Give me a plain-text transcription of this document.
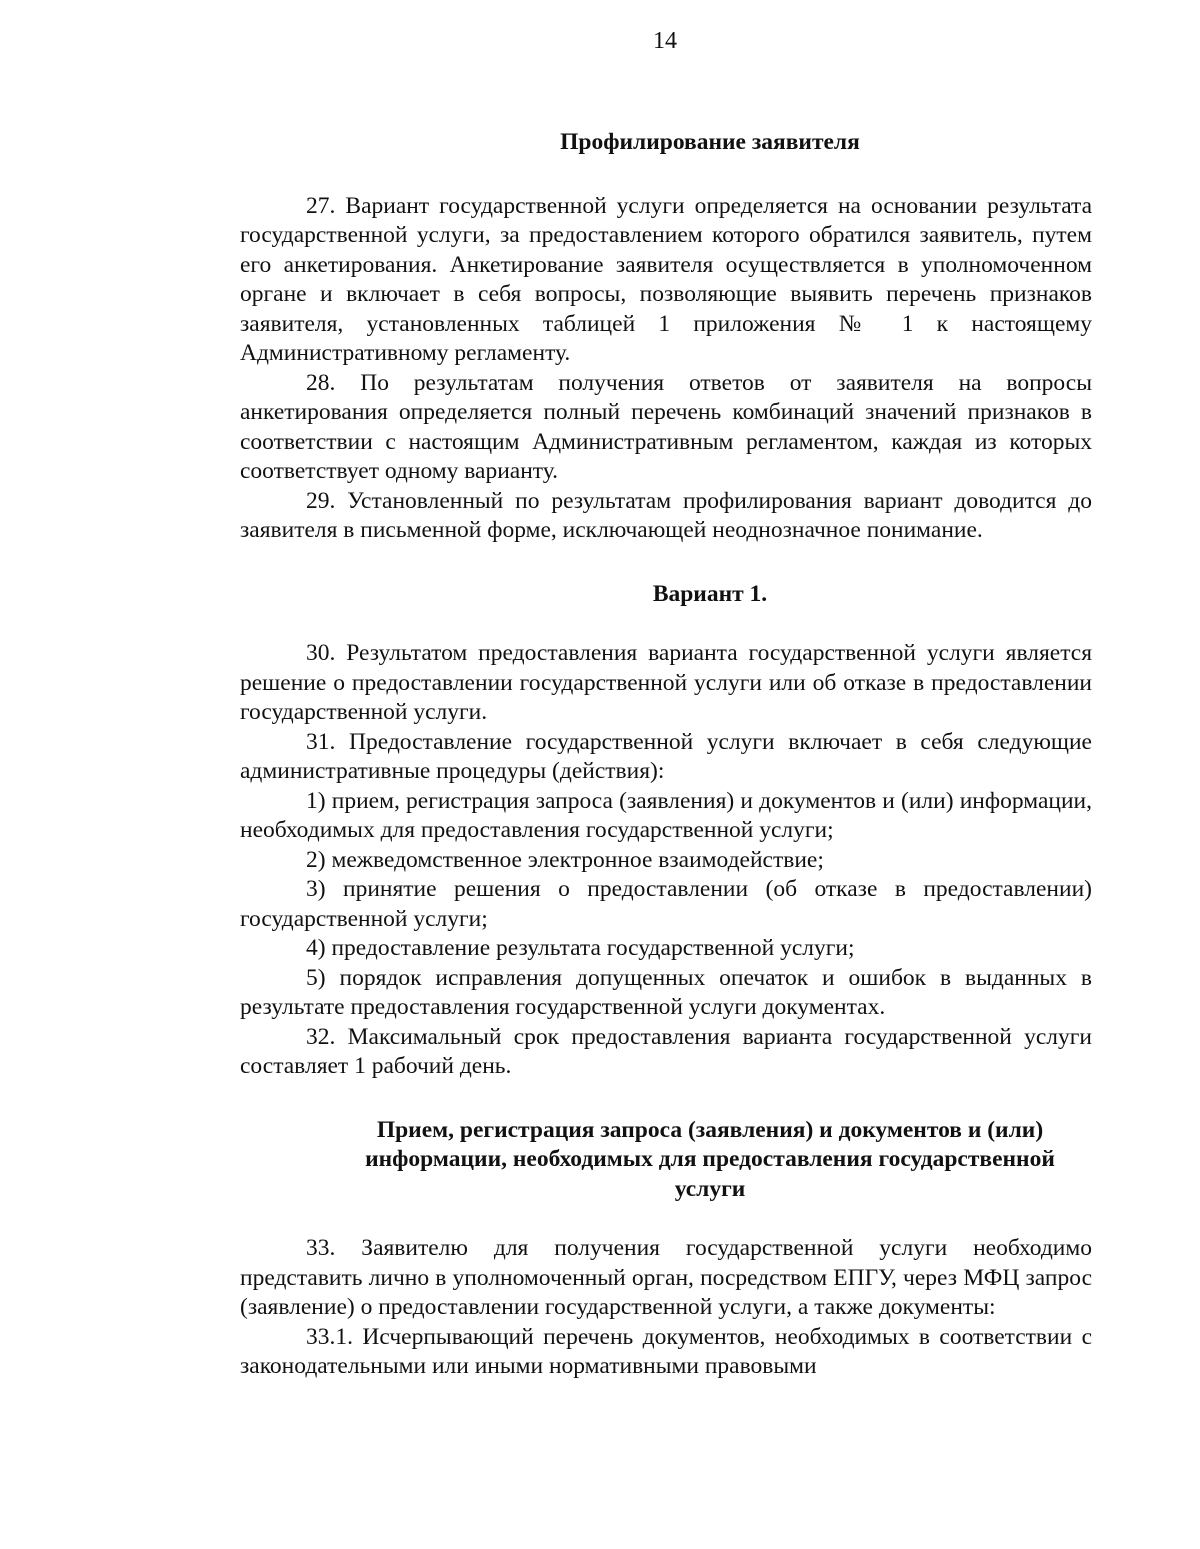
14
Профилирование заявителя

27. Вариант государственной услуги определяется на основании результата государственной услуги, за предоставлением которого обратился заявитель, путем его анкетирования. Анкетирование заявителя осуществляется в уполномоченном органе и включает в себя вопросы, позволяющие выявить перечень признаков заявителя, установленных таблицей 1 приложения № 1 к настоящему Административному регламенту.

28. По результатам получения ответов от заявителя на вопросы анкетирования определяется полный перечень комбинаций значений признаков в соответствии с настоящим Административным регламентом, каждая из которых соответствует одному варианту.

29. Установленный по результатам профилирования вариант доводится до заявителя в письменной форме, исключающей неоднозначное понимание.

Вариант 1.

30. Результатом предоставления варианта государственной услуги является решение о предоставлении государственной услуги или об отказе в предоставлении государственной услуги.

31. Предоставление государственной услуги включает в себя следующие административные процедуры (действия):

1) прием, регистрация запроса (заявления) и документов и (или) информации, необходимых для предоставления государственной услуги;

2) межведомственное электронное взаимодействие;

3) принятие решения о предоставлении (об отказе в предоставлении) государственной услуги;

4) предоставление результата государственной услуги;

5) порядок исправления допущенных опечаток и ошибок в выданных в результате предоставления государственной услуги документах.

32. Максимальный срок предоставления варианта государственной услуги составляет 1 рабочий день.

Прием, регистрация запроса (заявления) и документов и (или)
информации, необходимых для предоставления государственной услуги

33. Заявителю для получения государственной услуги необходимо представить лично в уполномоченный орган, посредством ЕПГУ, через МФЦ запрос (заявление) о предоставлении государственной услуги, а также документы:

33.1. Исчерпывающий перечень документов, необходимых в соответствии с законодательными или иными нормативными правовыми
